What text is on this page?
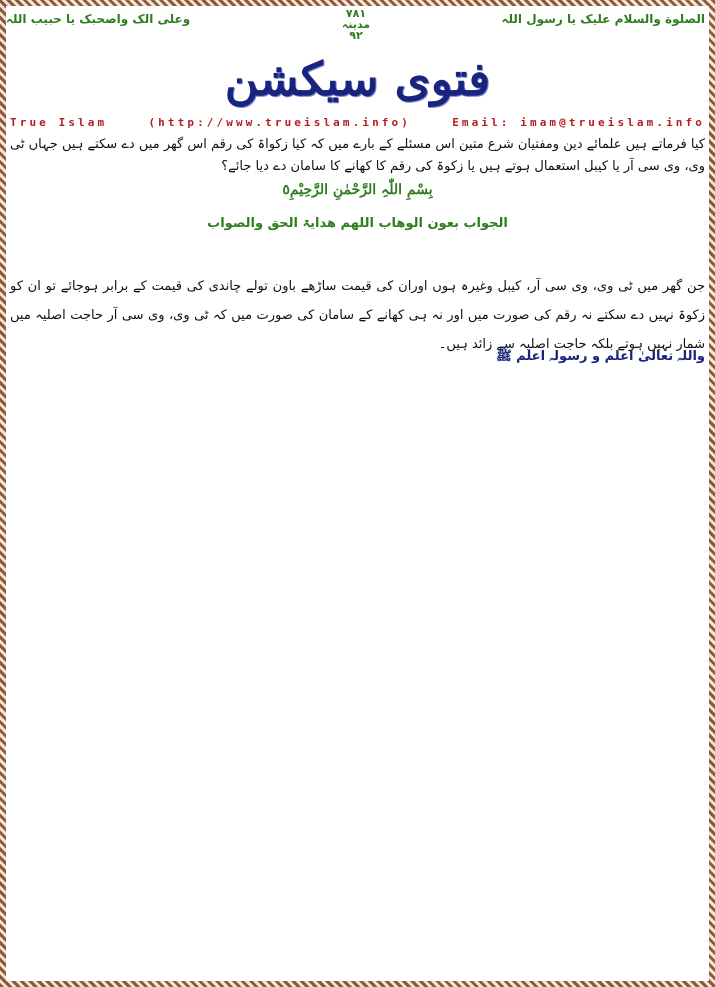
الصلوة والسلام علیک یا رسول اللہ
۷۸۱
مدینہ
۹۲
وعلی الک واصحبک یا حبیب اللہ
فتوی سیکشن
True Islam	(http://www.trueislam.info)	Email: imam@trueislam.info
کیا فرماتے ہیں علمائے دین ومفتیان شرع متین اس مسئلے کے بارے میں کہ کیا زکواۃ کی رقم اس گھر میں دے سکتے ہیں جہاں ٹی وی، وی سی آر یا کیبل استعمال ہوتے ہیں یا زکوۃ کی رقم کا کھانے کا سامان دے دیا جائے؟
بِسْمِ اللّٰہِ الرَّحْمٰنِ الرَّحِیْمِ٥
الجواب بعون الوھاب اللھم ھدایۃ الحق والصواب
جن گھر میں ٹی وی، وی سی آر، کیبل وغیرہ ہوں اوران کی قیمت ساڑھے باون تولے چاندی کی قیمت کے برابر ہوجائے تو ان کو زکوۃ نہیں دے سکتے نہ رقم کی صورت میں اور نہ ہی کھانے کے سامان کی صورت میں کہ ٹی وی، وی سی آر حاجت اصلیہ میں شمار نہیں ہوتے بلکہ حاجت اصلیہ سے زائد ہیں۔
واللہ تعالیٰ اعلم و رسولہ اعلم ﷺ
